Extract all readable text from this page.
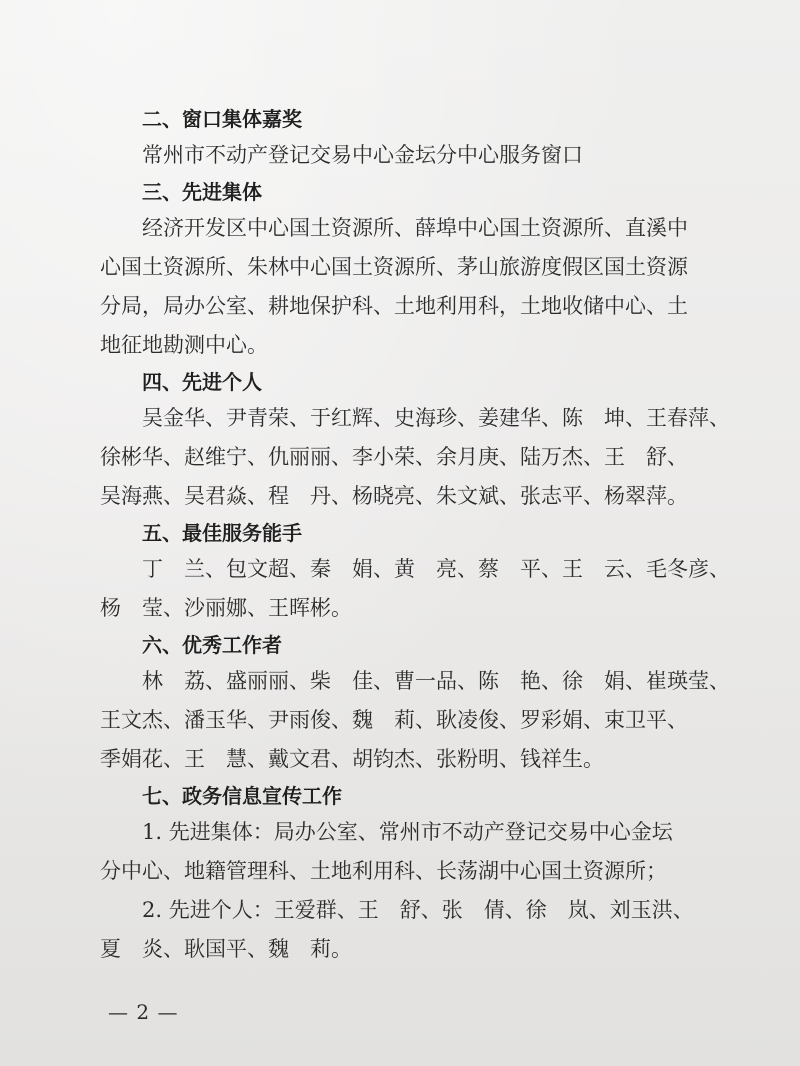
二、窗口集体嘉奖
常州市不动产登记交易中心金坛分中心服务窗口
三、先进集体
经济开发区中心国土资源所、薛埠中心国土资源所、直溪中
心国土资源所、朱林中心国土资源所、茅山旅游度假区国土资源
分局，局办公室、耕地保护科、土地利用科，土地收储中心、土
地征地勘测中心。
四、先进个人
吴金华、尹青荣、于红辉、史海珍、姜建华、陈　坤、王春萍、
徐彬华、赵维宁、仇丽丽、李小荣、余月庚、陆万杰、王　舒、
吴海燕、吴君焱、程　丹、杨晓亮、朱文斌、张志平、杨翠萍。
五、最佳服务能手
丁　兰、包文超、秦　娟、黄　亮、蔡　平、王　云、毛冬彦、
杨　莹、沙丽娜、王晖彬。
六、优秀工作者
林　荔、盛丽丽、柴　佳、曹一品、陈　艳、徐　娟、崔瑛莹、
王文杰、潘玉华、尹雨俊、魏　莉、耿凌俊、罗彩娟、束卫平、
季娟花、王　慧、戴文君、胡钧杰、张粉明、钱祥生。
七、政务信息宣传工作
1. 先进集体：局办公室、常州市不动产登记交易中心金坛
分中心、地籍管理科、土地利用科、长荡湖中心国土资源所；
2. 先进个人：王爱群、王　舒、张　倩、徐　岚、刘玉洪、
夏　炎、耿国平、魏　莉。
— 2 —
